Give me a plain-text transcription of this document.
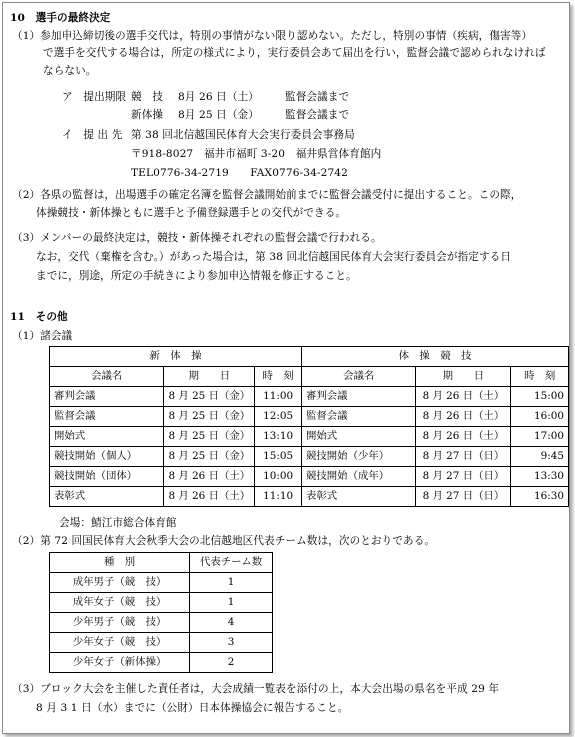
10　選手の最終決定
（1）参加申込締切後の選手交代は，特別の事情がない限り認めない。ただし，特別の事情（疾病，傷害等）
で選手を交代する場合は，所定の様式により，実行委員会あて届出を行い，監督会議で認められなければ
ならない。
ア　提出期限 競　技 8月 26 日（土） 監督会議まで
新体操 8月 25 日（金） 監督会議まで
イ　提 出 先 第 38 回北信越国民体育大会実行委員会事務局
〒918-8027　福井市福町 3-20　福井県営体育館内
TEL0776-34-2719　　FAX0776-34-2742
（2）各県の監督は，出場選手の確定名簿を監督会議開始前までに監督会議受付に提出すること。この際，
体操競技・新体操ともに選手と予備登録選手との交代ができる。
（3）メンバーの最終決定は，競技・新体操それぞれの監督会議で行われる。
なお，交代（棄権を含む。）があった場合は，第 38 回北信越国民体育大会実行委員会が指定する日
までに，別途，所定の手続きにより参加申込情報を修正すること。
11　その他
（1）諸会議
新　体　操			体　操　競　技		
会議名	期　　日	時　刻	会議名	期　　日	時　刻
審判会議	8 月 25 日（金）	11:00	審判会議	8 月 26 日（土）	15:00
監督会議	8 月 25 日（金）	12:05	監督会議	8 月 26 日（土）	16:00
開始式	8 月 25 日（金）	13:10	開始式	8 月 26 日（土）	17:00
競技開始（個人）	8 月 25 日（金）	15:05	競技開始（少年）	8 月 27 日（日）	9:45
競技開始（団体）	8 月 26 日（土）	10:00	競技開始（成年）	8 月 27 日（日）	13:30
表彰式	8 月 26 日（土）	11:10	表彰式	8 月 27 日（日）	16:30
会場：鯖江市総合体育館
（2）第 72 回国民体育大会秋季大会の北信越地区代表チーム数は，次のとおりである。
種　別	代表チーム数
成年男子（競　技）	1
成年女子（競　技）	1
少年男子（競　技）	4
少年女子（競　技）	3
少年女子（新体操）	2
（3）ブロック大会を主催した責任者は，大会成績一覧表を添付の上，本大会出場の県名を平成 29 年
8 月 3 1 日（水）までに（公財）日本体操協会に報告すること。
